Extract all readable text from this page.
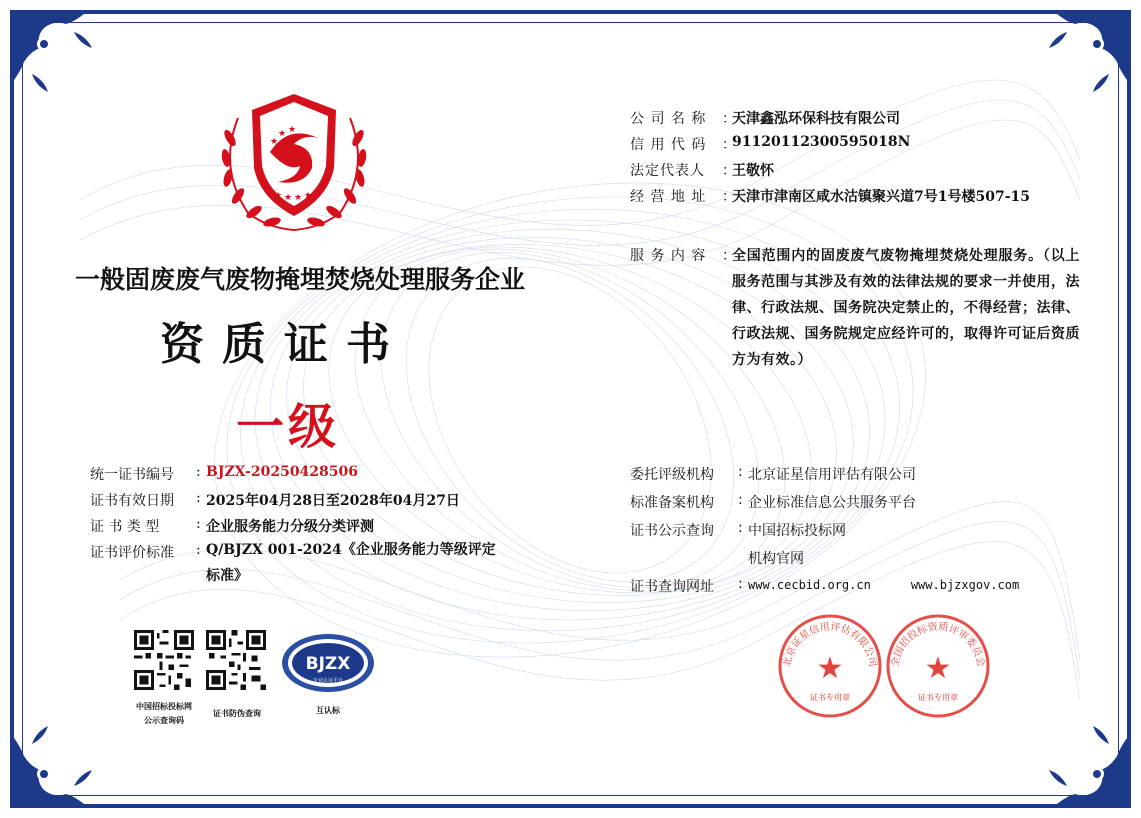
★
★ ★
★ ★ ★ ★
一般固废废气废物掩埋焚烧处理服务企业
资质证书
一级
公 司 名 称	：
天津鑫泓环保科技有限公司
信 用 代 码	：
91120112300595018N
法定代表人	：
王敬怀
经 营 地 址	：
天津市津南区咸水沽镇聚兴道7号1号楼507-15
服 务 内 容	：
全国范围内的固废废气废物掩埋焚烧处理服务。（以上服务范围与其涉及有效的法律法规的要求一并使用，法律、行政法规、国务院决定禁止的，不得经营；法律、行政法规、国务院规定应经许可的，取得许可证后资质方为有效。）
统一证书编号	: BJZX-20250428506
证书有效日期	: 2025年04月28日至2028年04月27日
证 书 类 型	: 企业服务能力分级分类评测
证书评价标准	: Q/BJZX 001-2024《企业服务能力等级评定标准》
委托评级机构	: 北京证星信用评估有限公司
标准备案机构	: 企业标准信息公共服务平台
证书公示查询	: 中国招标投标网
机构官网
证书查询网址	: www.cecbid.org.cn	www.bjzxgov.com
中国招标投标网
公示查询码
证书防伪查询
BJZX
专业认证平台
互认标
北京证星信用评估有限公司
★
证书专用章
全国招投标资质评审委员会
★
证书专用章
